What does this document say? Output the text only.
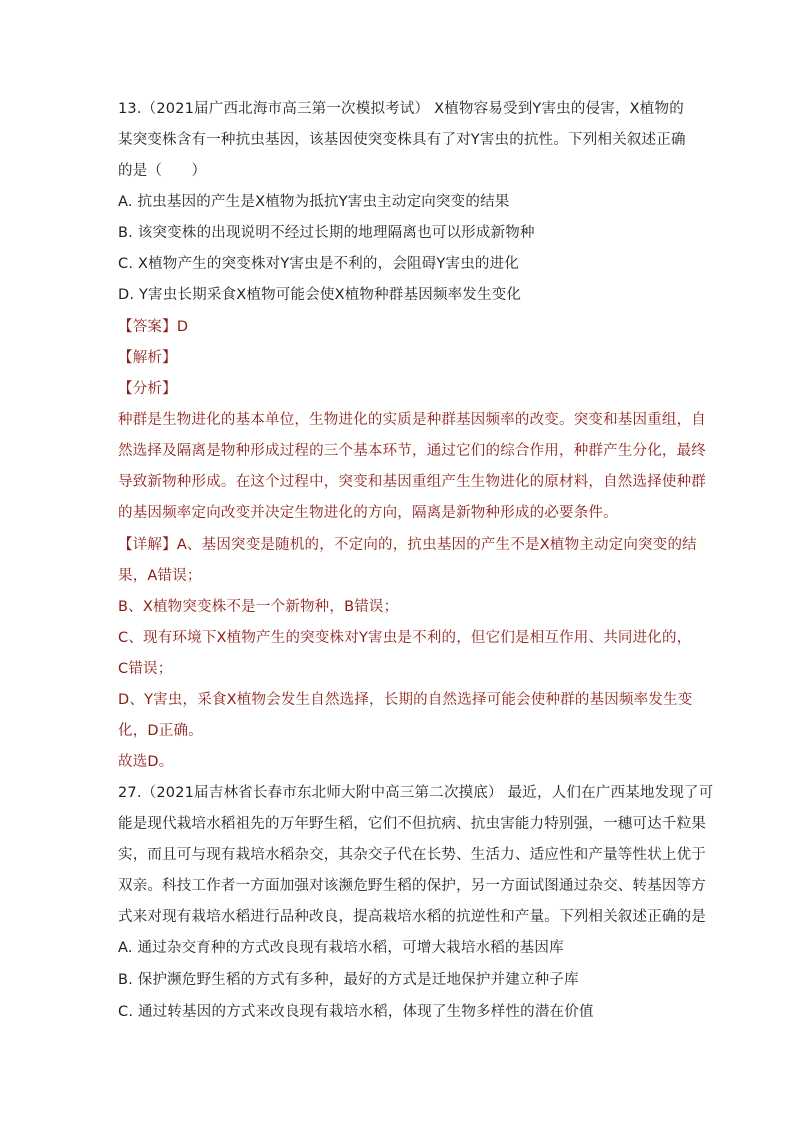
13.（2021届广西北海市高三第一次模拟考试） X植物容易受到Y害虫的侵害，X植物的

某突变株含有一种抗虫基因，该基因使突变株具有了对Y害虫的抗性。下列相关叙述正确

的是（　　）

A. 抗虫基因的产生是X植物为抵抗Y害虫主动定向突变的结果

B. 该突变株的出现说明不经过长期的地理隔离也可以形成新物种

C. X植物产生的突变株对Y害虫是不利的，会阻碍Y害虫的进化

D. Y害虫长期采食X植物可能会使X植物种群基因频率发生变化

【答案】D

【解析】

【分析】

种群是生物进化的基本单位，生物进化的实质是种群基因频率的改变。突变和基因重组，自

然选择及隔离是物种形成过程的三个基本环节，通过它们的综合作用，种群产生分化，最终

导致新物种形成。在这个过程中，突变和基因重组产生生物进化的原材料，自然选择使种群

的基因频率定向改变并决定生物进化的方向，隔离是新物种形成的必要条件。

【详解】A、基因突变是随机的，不定向的，抗虫基因的产生不是X植物主动定向突变的结

果，A错误；

B、X植物突变株不是一个新物种，B错误；

C、现有环境下X植物产生的突变株对Y害虫是不利的，但它们是相互作用、共同进化的，

C错误；

D、Y害虫，采食X植物会发生自然选择，长期的自然选择可能会使种群的基因频率发生变

化，D正确。

故选D。

27.（2021届吉林省长春市东北师大附中高三第二次摸底） 最近，人们在广西某地发现了可

能是现代栽培水稻祖先的万年野生稻，它们不但抗病、抗虫害能力特别强，一穗可达千粒果

实，而且可与现有栽培水稻杂交，其杂交子代在长势、生活力、适应性和产量等性状上优于

双亲。科技工作者一方面加强对该濒危野生稻的保护，另一方面试图通过杂交、转基因等方

式来对现有栽培水稻进行品种改良，提高栽培水稻的抗逆性和产量。下列相关叙述正确的是

A. 通过杂交育种的方式改良现有栽培水稻，可增大栽培水稻的基因库

B. 保护濒危野生稻的方式有多种，最好的方式是迁地保护并建立种子库

C. 通过转基因的方式来改良现有栽培水稻，体现了生物多样性的潜在价值
